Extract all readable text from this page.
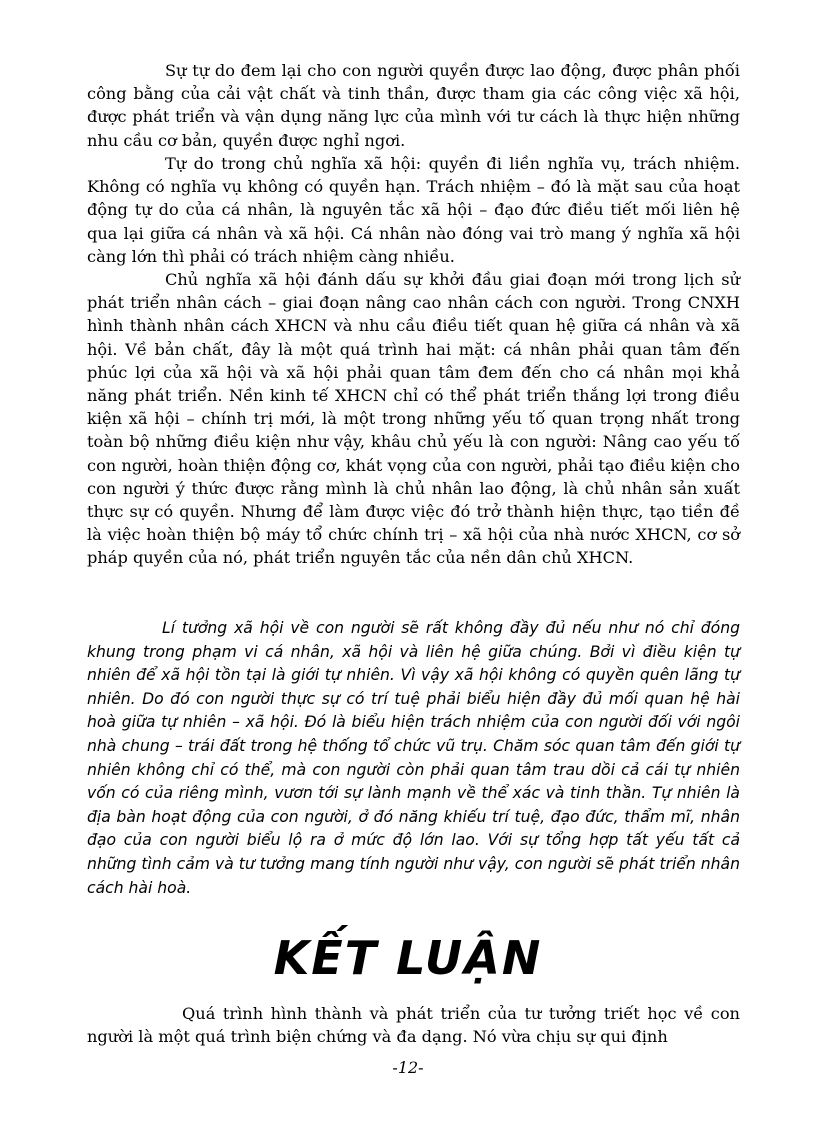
Sự tự do đem lại cho con người quyền được lao động, được phân phối công bằng của cải vật chất và tinh thần, được tham gia các công việc xã hội, được phát triển và vận dụng năng lực của mình với tư cách là thực hiện những nhu cầu cơ bản, quyền được nghỉ ngơi.

Tự do trong chủ nghĩa xã hội: quyền đi liền nghĩa vụ, trách nhiệm. Không có nghĩa vụ không có quyền hạn. Trách nhiệm – đó là mặt sau của hoạt động tự do của cá nhân, là nguyên tắc xã hội – đạo đức điều tiết mối liên hệ qua lại giữa cá nhân và xã hội. Cá nhân nào đóng vai trò mang ý nghĩa xã hội càng lớn thì phải có trách nhiệm càng nhiều.

Chủ nghĩa xã hội đánh dấu sự khởi đầu giai đoạn mới trong lịch sử phát triển nhân cách – giai đoạn nâng cao nhân cách con người. Trong CNXH hình thành nhân cách XHCN và nhu cầu điều tiết quan hệ giữa cá nhân và xã hội. Về bản chất, đây là một quá trình hai mặt: cá nhân phải quan tâm đến phúc lợi của xã hội và xã hội phải quan tâm đem đến cho cá nhân mọi khả năng phát triển. Nền kinh tế XHCN chỉ có thể phát triển thắng lợi trong điều kiện xã hội – chính trị mới, là một trong những yếu tố quan trọng nhất trong toàn bộ những điều kiện như vậy, khâu chủ yếu là con người: Nâng cao yếu tố con người, hoàn thiện động cơ, khát vọng của con người, phải tạo điều kiện cho con người ý thức được rằng mình là chủ nhân lao động, là chủ nhân sản xuất thực sự có quyền. Nhưng để làm được việc đó trở thành hiện thực, tạo tiền đề là việc hoàn thiện bộ máy tổ chức chính trị – xã hội của nhà nước XHCN, cơ sở pháp quyền của nó, phát triển nguyên tắc của nền dân chủ XHCN.

Lí tưởng xã hội về con người sẽ rất không đầy đủ nếu như nó chỉ đóng khung trong phạm vi cá nhân, xã hội và liên hệ giữa chúng. Bởi vì điều kiện tự nhiên để xã hội tồn tại là giới tự nhiên. Vì vậy xã hội không có quyền quên lãng tự nhiên. Do đó con người thực sự có trí tuệ phải biểu hiện đầy đủ mối quan hệ hài hoà giữa tự nhiên – xã hội. Đó là biểu hiện trách nhiệm của con người đối với ngôi nhà chung – trái đất trong hệ thống tổ chức vũ trụ. Chăm sóc quan tâm đến giới tự nhiên không chỉ có thể, mà con người còn phải quan tâm trau dồi cả cái tự nhiên vốn có của riêng mình, vươn tới sự lành mạnh về thể xác và tinh thần. Tự nhiên là địa bàn hoạt động của con người, ở đó năng khiếu trí tuệ, đạo đức, thẩm mĩ, nhân đạo của con người biểu lộ ra ở mức độ lớn lao. Với sự tổng hợp tất yếu tất cả những tình cảm và tư tưởng mang tính người như vậy, con người sẽ phát triển nhân cách hài hoà.

KẾT LUẬN

Quá trình hình thành và phát triển của tư tưởng triết học về con người là một quá trình biện chứng và đa dạng. Nó vừa chịu sự qui định

-12-
